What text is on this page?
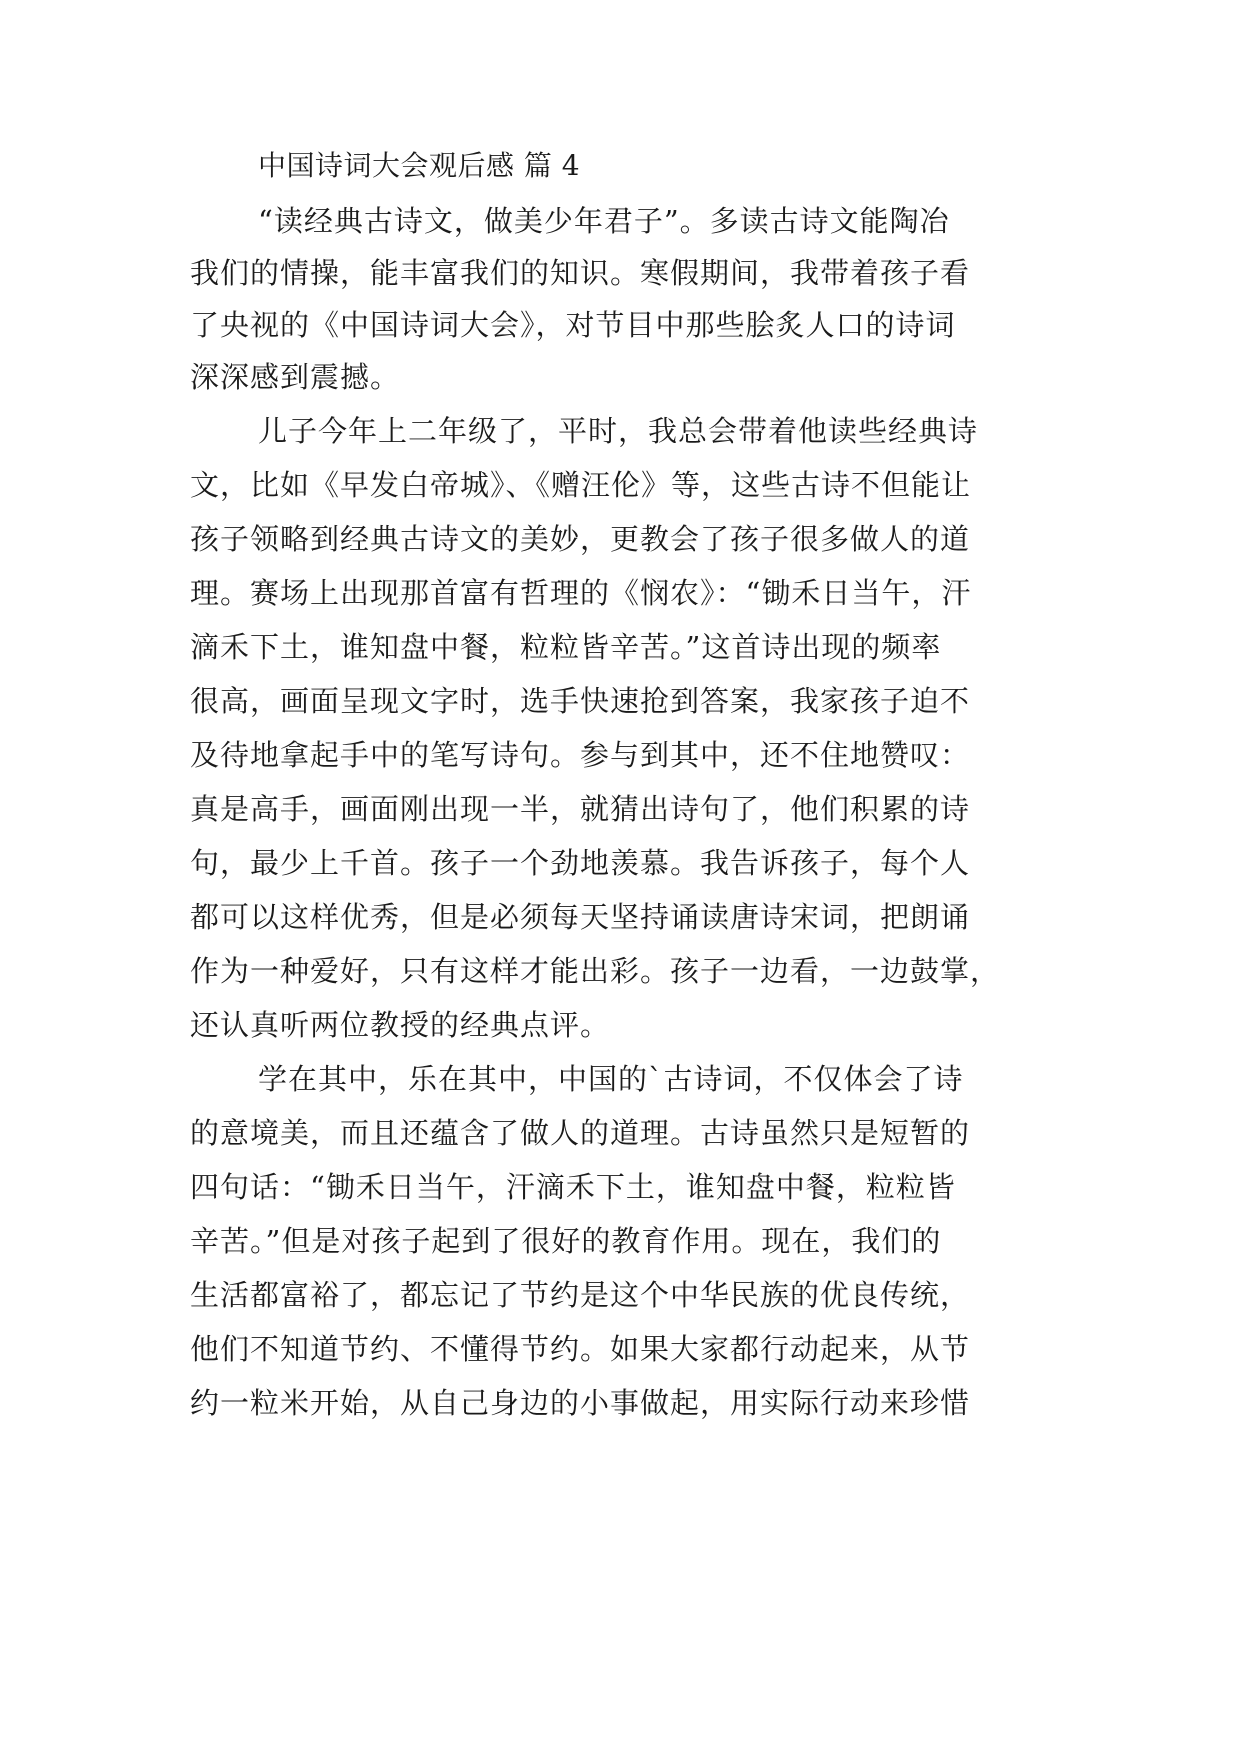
中国诗词大会观后感 篇 4
“读经典古诗文，做美少年君子”。多读古诗文能陶冶
我们的情操，能丰富我们的知识。寒假期间，我带着孩子看
了央视的《中国诗词大会》，对节目中那些脍炙人口的诗词
深深感到震撼。
儿子今年上二年级了，平时，我总会带着他读些经典诗
文，比如《早发白帝城》、《赠汪伦》等，这些古诗不但能让
孩子领略到经典古诗文的美妙，更教会了孩子很多做人的道
理。赛场上出现那首富有哲理的《悯农》：“锄禾日当午，汗
滴禾下土，谁知盘中餐，粒粒皆辛苦。”这首诗出现的频率
很高，画面呈现文字时，选手快速抢到答案，我家孩子迫不
及待地拿起手中的笔写诗句。参与到其中，还不住地赞叹：
真是高手，画面刚出现一半，就猜出诗句了，他们积累的诗
句，最少上千首。孩子一个劲地羡慕。我告诉孩子，每个人
都可以这样优秀，但是必须每天坚持诵读唐诗宋词，把朗诵
作为一种爱好，只有这样才能出彩。孩子一边看，一边鼓掌，
还认真听两位教授的经典点评。
学在其中，乐在其中，中国的`古诗词，不仅体会了诗
的意境美，而且还蕴含了做人的道理。古诗虽然只是短暂的
四句话：“锄禾日当午，汗滴禾下土，谁知盘中餐，粒粒皆
辛苦。”但是对孩子起到了很好的教育作用。现在，我们的
生活都富裕了，都忘记了节约是这个中华民族的优良传统，
他们不知道节约、不懂得节约。如果大家都行动起来，从节
约一粒米开始，从自己身边的小事做起，用实际行动来珍惜
